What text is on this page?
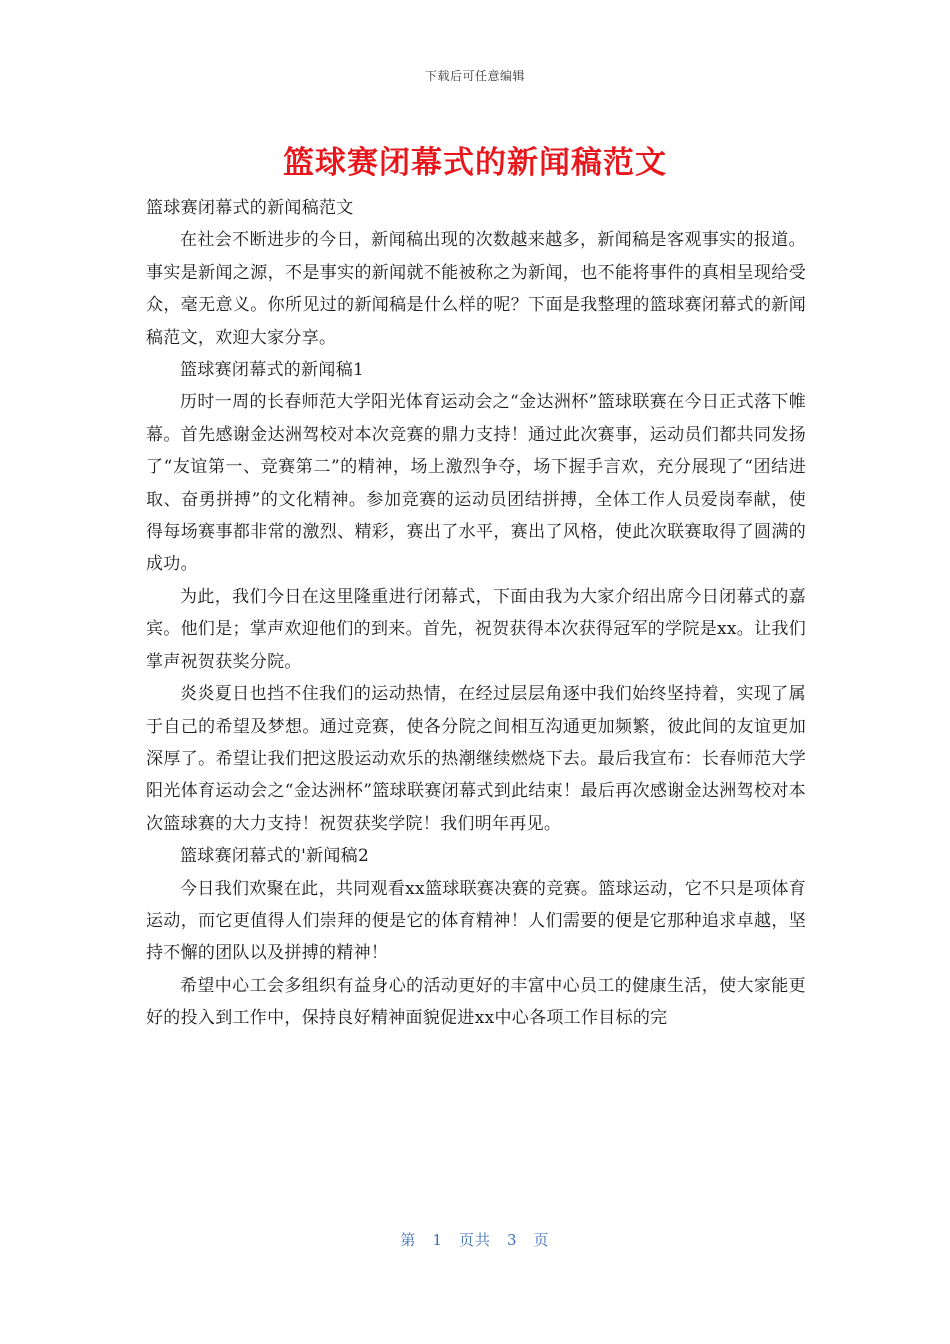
下载后可任意编辑
篮球赛闭幕式的新闻稿范文

篮球赛闭幕式的新闻稿范文

在社会不断进步的今日，新闻稿出现的次数越来越多，新闻稿是客观事实的报道。事实是新闻之源，不是事实的新闻就不能被称之为新闻，也不能将事件的真相呈现给受众，毫无意义。你所见过的新闻稿是什么样的呢？下面是我整理的篮球赛闭幕式的新闻稿范文，欢迎大家分享。

篮球赛闭幕式的新闻稿1

历时一周的长春师范大学阳光体育运动会之“金达洲杯”篮球联赛在今日正式落下帷幕。首先感谢金达洲驾校对本次竞赛的鼎力支持！通过此次赛事，运动员们都共同发扬了“友谊第一、竞赛第二”的精神，场上激烈争夺，场下握手言欢，充分展现了“团结进取、奋勇拼搏”的文化精神。参加竞赛的运动员团结拼搏，全体工作人员爱岗奉献，使得每场赛事都非常的激烈、精彩，赛出了水平，赛出了风格，使此次联赛取得了圆满的成功。

为此，我们今日在这里隆重进行闭幕式，下面由我为大家介绍出席今日闭幕式的嘉宾。他们是；掌声欢迎他们的到来。首先，祝贺获得本次获得冠军的学院是xx。让我们掌声祝贺获奖分院。

炎炎夏日也挡不住我们的运动热情，在经过层层角逐中我们始终坚持着，实现了属于自己的希望及梦想。通过竞赛，使各分院之间相互沟通更加频繁，彼此间的友谊更加深厚了。希望让我们把这股运动欢乐的热潮继续燃烧下去。最后我宣布：长春师范大学阳光体育运动会之“金达洲杯”篮球联赛闭幕式到此结束！最后再次感谢金达洲驾校对本次篮球赛的大力支持！祝贺获奖学院！我们明年再见。

篮球赛闭幕式的'新闻稿2

今日我们欢聚在此，共同观看xx篮球联赛决赛的竞赛。篮球运动，它不只是项体育运动，而它更值得人们崇拜的便是它的体育精神！人们需要的便是它那种追求卓越，坚持不懈的团队以及拼搏的精神！

希望中心工会多组织有益身心的活动更好的丰富中心员工的健康生活，使大家能更好的投入到工作中，保持良好精神面貌促进xx中心各项工作目标的完

第 1 页共 3 页
